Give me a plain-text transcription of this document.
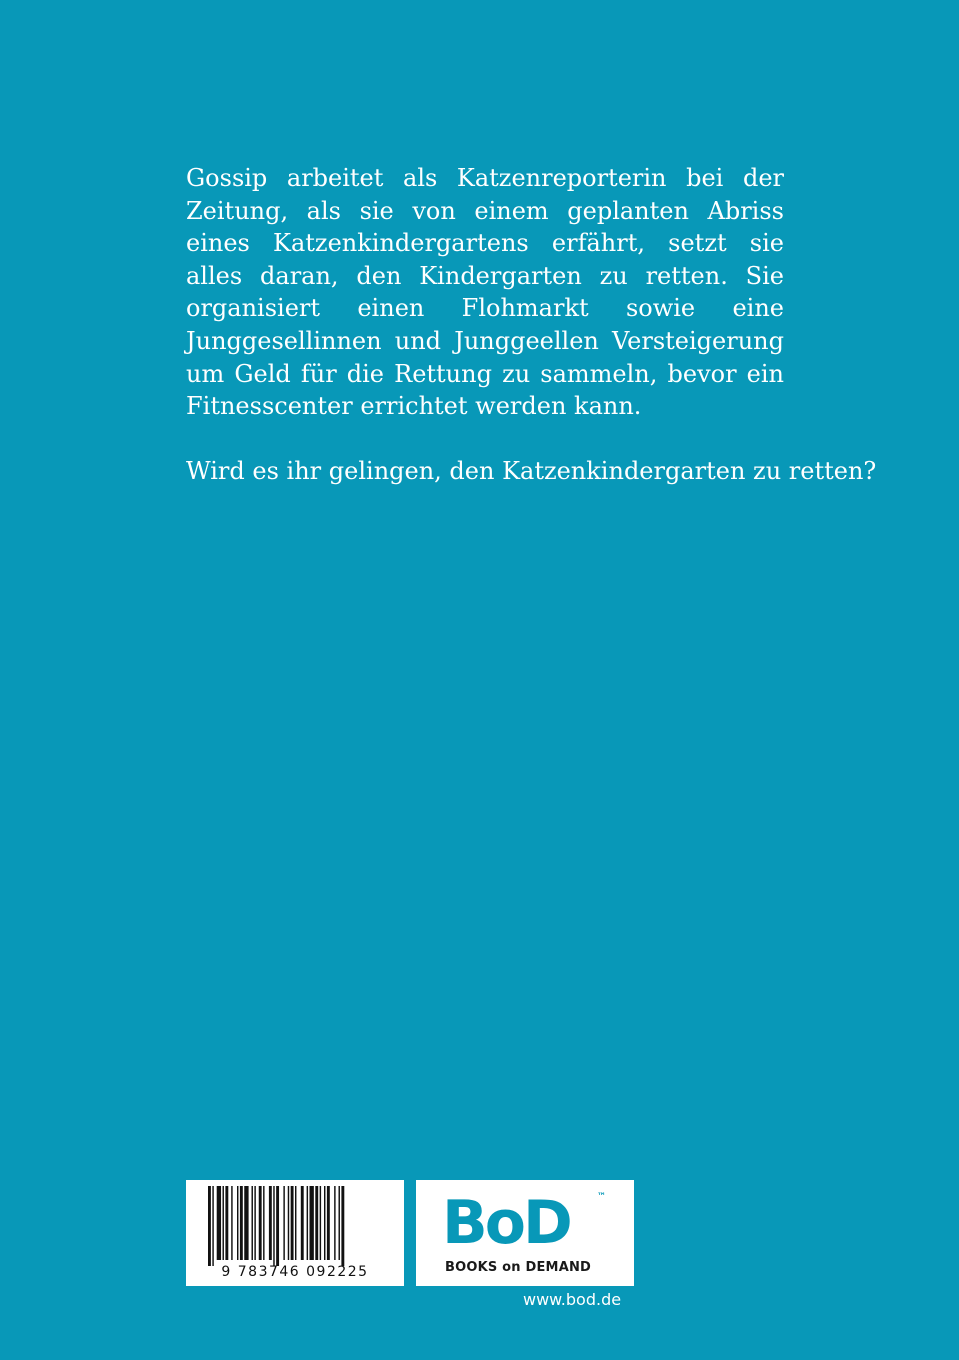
Gossip arbeitet als Katzenreporterin bei der Zeitung, als sie von einem geplanten Abriss eines Katzenkindergartens erfährt, setzt sie alles daran, den Kindergarten zu retten. Sie organisiert einen Flohmarkt sowie eine Junggesellinnen und Junggeellen Versteigerung um Geld für die Rettung zu sammeln, bevor ein Fitnesscenter errichtet werden kann.

Wird es ihr gelingen, den Katzenkindergarten zu retten?

9 783746 092225
BoD	™
BOOKS on DEMAND
www.bod.de
